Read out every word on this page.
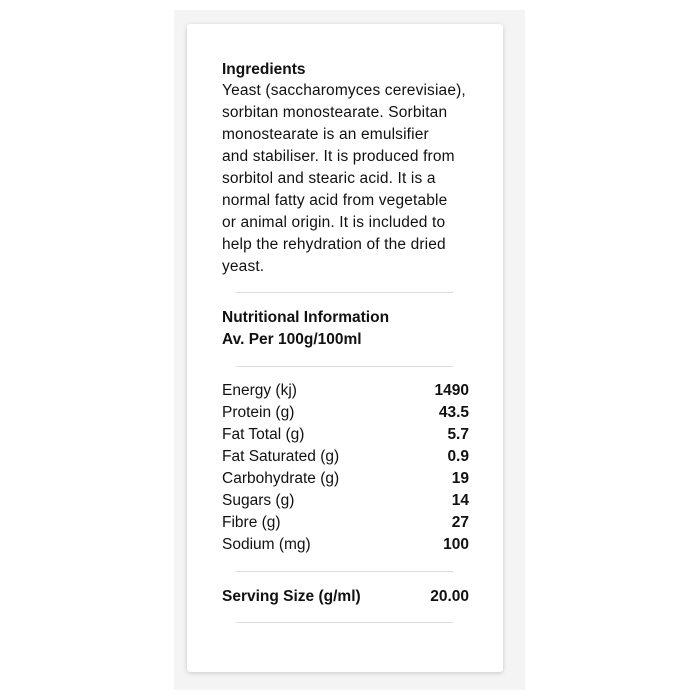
Ingredients
Yeast (saccharomyces cerevisiae),
sorbitan monostearate. Sorbitan
monostearate is an emulsifier
and stabiliser. It is produced from
sorbitol and stearic acid. It is a
normal fatty acid from vegetable
or animal origin. It is included to
help the rehydration of the dried
yeast.
Nutritional Information
Av. Per 100g/100ml
Energy (kj)	1490
Protein (g)	43.5
Fat Total (g)	5.7
Fat Saturated (g)	0.9
Carbohydrate (g)	19
Sugars (g)	14
Fibre (g)	27
Sodium (mg)	100
Serving Size (g/ml)	20.00
